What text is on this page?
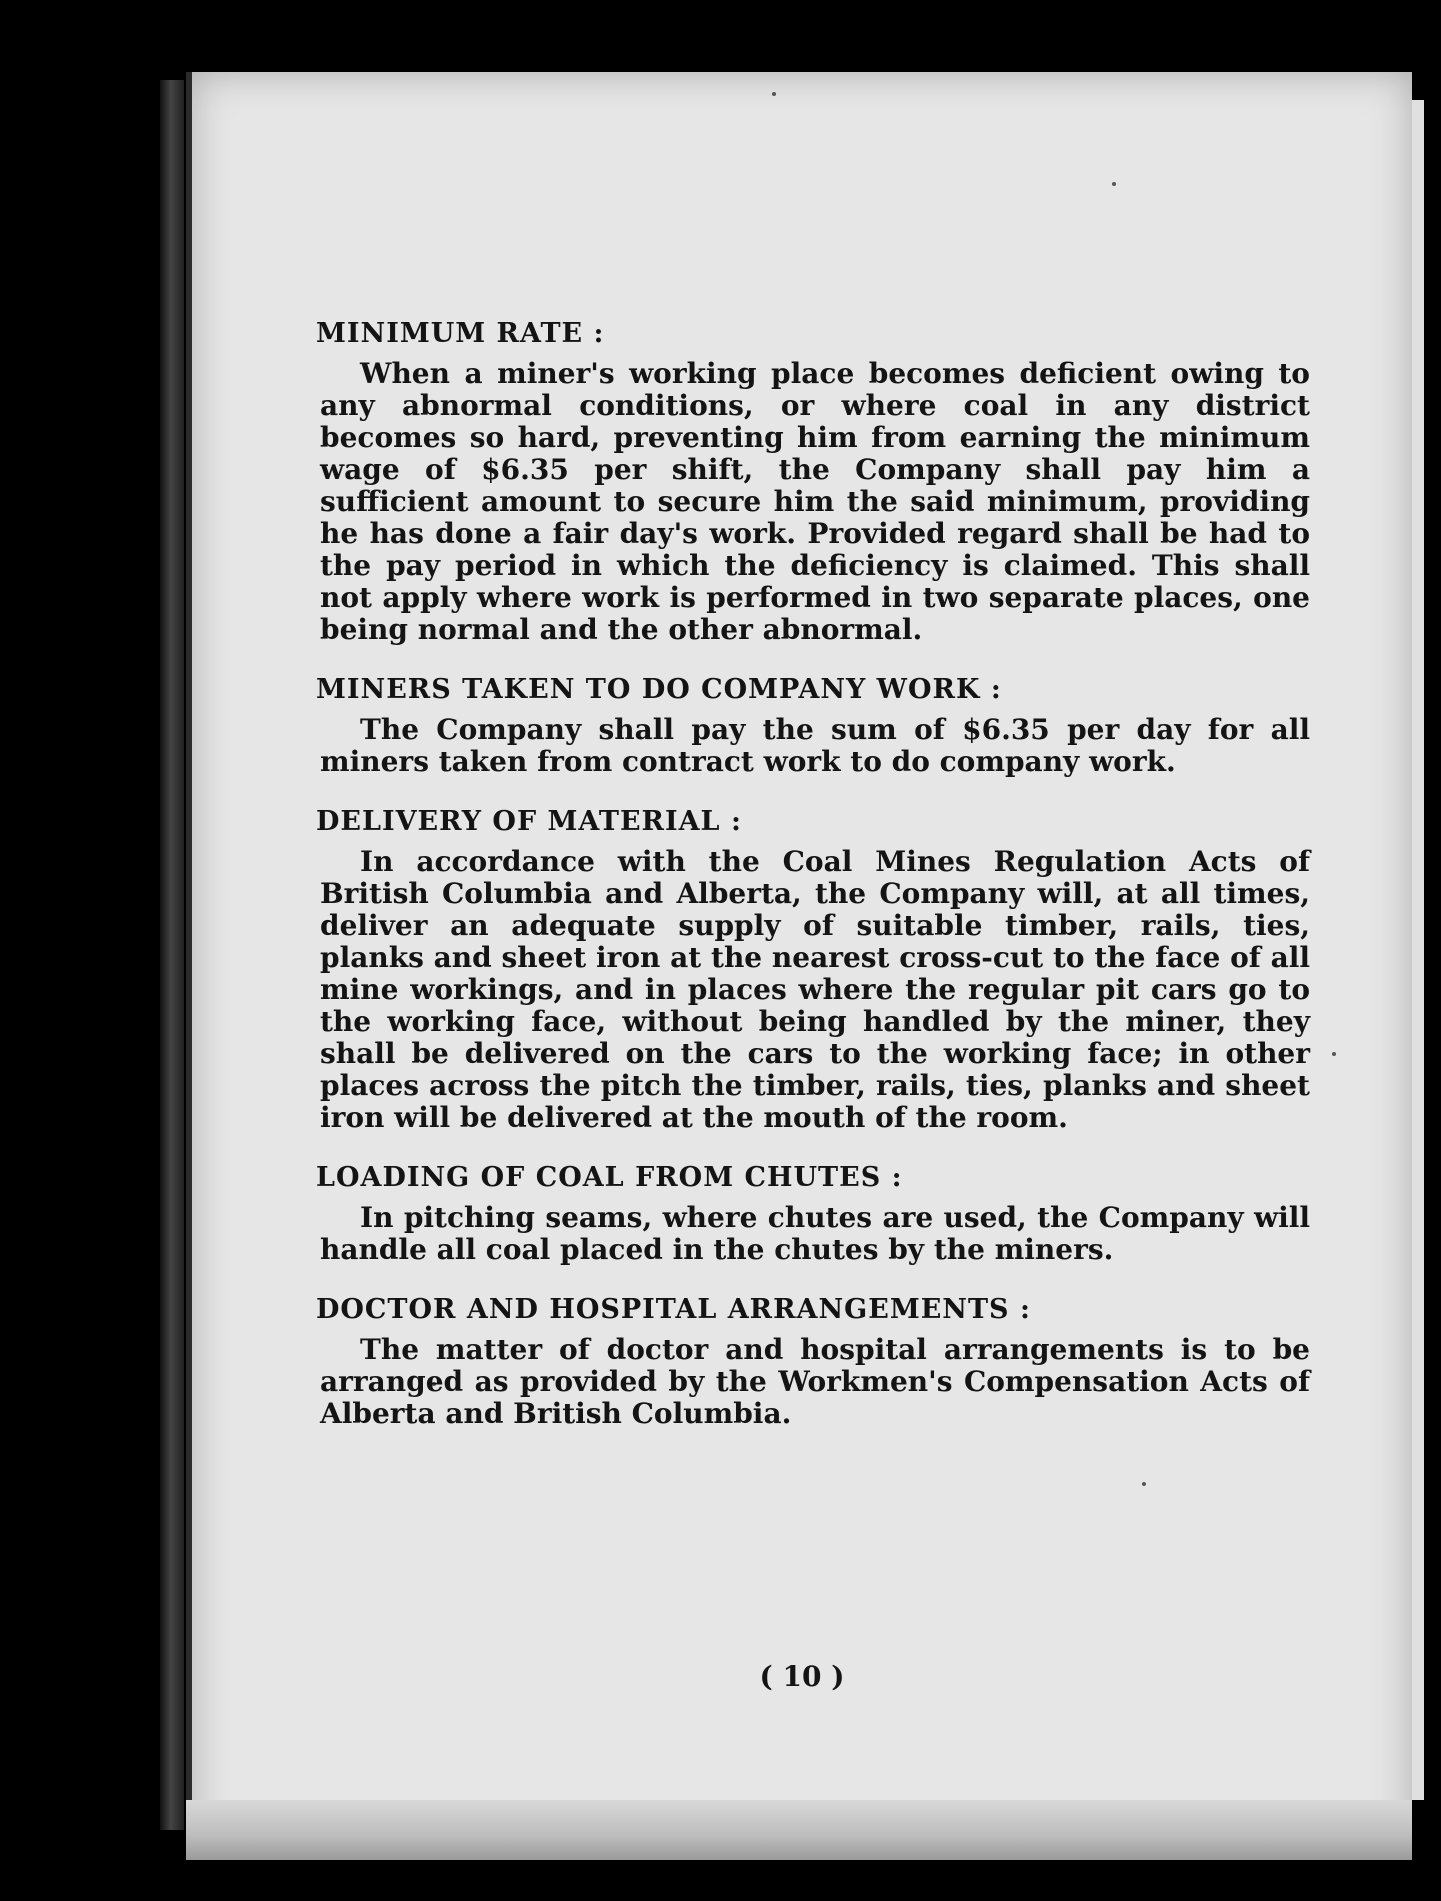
( 10 )
MINIMUM RATE :

When a miner's working place becomes deficient owing to any abnormal conditions, or where coal in any district becomes so hard, preventing him from earning the minimum wage of $6.35 per shift, the Company shall pay him a sufficient amount to secure him the said minimum, providing he has done a fair day's work. Provided regard shall be had to the pay period in which the deficiency is claimed. This shall not apply where work is performed in two separate places, one being normal and the other abnormal.

MINERS TAKEN TO DO COMPANY WORK :

The Company shall pay the sum of $6.35 per day for all miners taken from contract work to do company work.

DELIVERY OF MATERIAL :

In accordance with the Coal Mines Regulation Acts of British Columbia and Alberta, the Company will, at all times, deliver an adequate supply of suitable timber, rails, ties, planks and sheet iron at the nearest cross-cut to the face of all mine workings, and in places where the regular pit cars go to the working face, without being handled by the miner, they shall be delivered on the cars to the working face; in other places across the pitch the timber, rails, ties, planks and sheet iron will be delivered at the mouth of the room.

LOADING OF COAL FROM CHUTES :

In pitching seams, where chutes are used, the Company will handle all coal placed in the chutes by the miners.

DOCTOR AND HOSPITAL ARRANGEMENTS :

The matter of doctor and hospital arrangements is to be arranged as provided by the Workmen's Compensation Acts of Alberta and British Columbia.
